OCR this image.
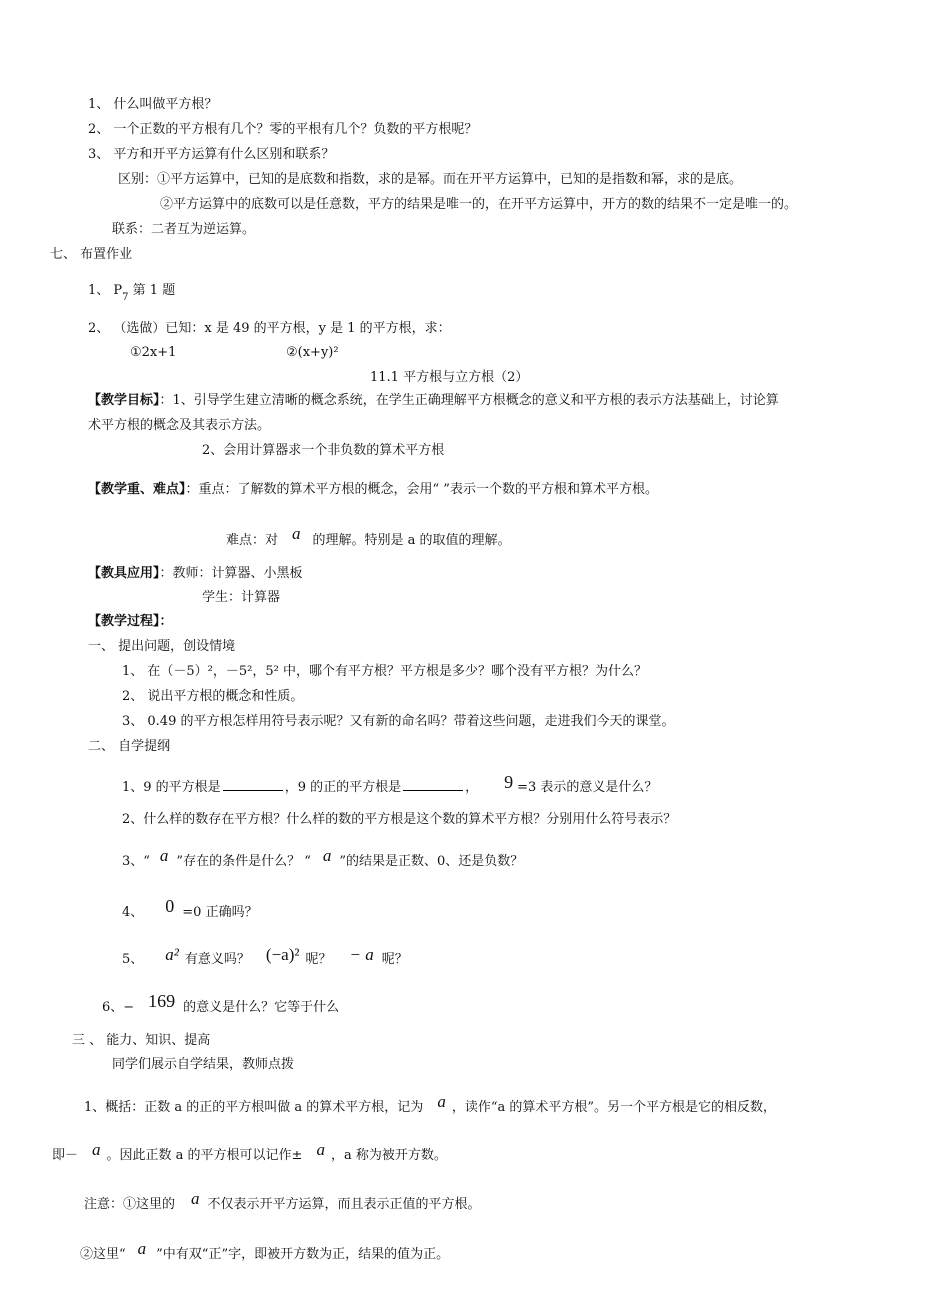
1、 什么叫做平方根？
2、 一个正数的平方根有几个？零的平根有几个？负数的平方根呢？
3、 平方和开平方运算有什么区别和联系？
区别：①平方运算中，已知的是底数和指数，求的是幂。而在开平方运算中，已知的是指数和幂，求的是底。
②平方运算中的底数可以是任意数，平方的结果是唯一的，在开平方运算中，开方的数的结果不一定是唯一的。
联系：二者互为逆运算。
七、 布置作业
1、 $P_7$ 第 1 题
2、 （选做）已知：x 是 49 的平方根，y 是 1 的平方根，求：
①2x+1	②(x+y)²
11.1 平方根与立方根（2）
【教学目标】：1、引导学生建立清晰的概念系统，在学生正确理解平方根概念的意义和平方根的表示方法基础上，讨论算
术平方根的概念及其表示方法。
2、会用计算器求一个非负数的算术平方根
【教学重、难点】：重点：了解数的算术平方根的概念，会用“ ”表示一个数的平方根和算术平方根。
难点：对 a 的理解。特别是 a 的取值的理解。
【教具应用】：教师：计算器、小黑板
学生：计算器
【教学过程】：
一、 提出问题，创设情境
1、 在（－5）²，－5²，5² 中，哪个有平方根？平方根是多少？哪个没有平方根？为什么？
2、 说出平方根的概念和性质。
3、 0.49 的平方根怎样用符号表示呢？又有新的命名吗？带着这些问题，走进我们今天的课堂。
二、 自学提纲
1、9 的平方根是	，9 的正的平方根是	， 9 =3 表示的意义是什么？
2、什么样的数存在平方根？什么样的数的平方根是这个数的算术平方根？分别用什么符号表示？
3、“ a ”存在的条件是什么？ “ a ”的结果是正数、0、还是负数？
4、 0 =0 正确吗？
5、 a² 有意义吗？ (−a)² 呢？ − a 呢？
6、− 169 的意义是什么？它等于什么
三 、 能力、知识、提高
同学们展示自学结果，教师点拨
1、概括：正数 a 的正的平方根叫做 a 的算术平方根，记为 a ，读作“a 的算术平方根”。另一个平方根是它的相反数，
即－ a 。因此正数 a 的平方根可以记作± a ，a 称为被开方数。
注意：①这里的 a 不仅表示开平方运算，而且表示正值的平方根。
②这里“ a ”中有双“正”字，即被开方数为正，结果的值为正。
